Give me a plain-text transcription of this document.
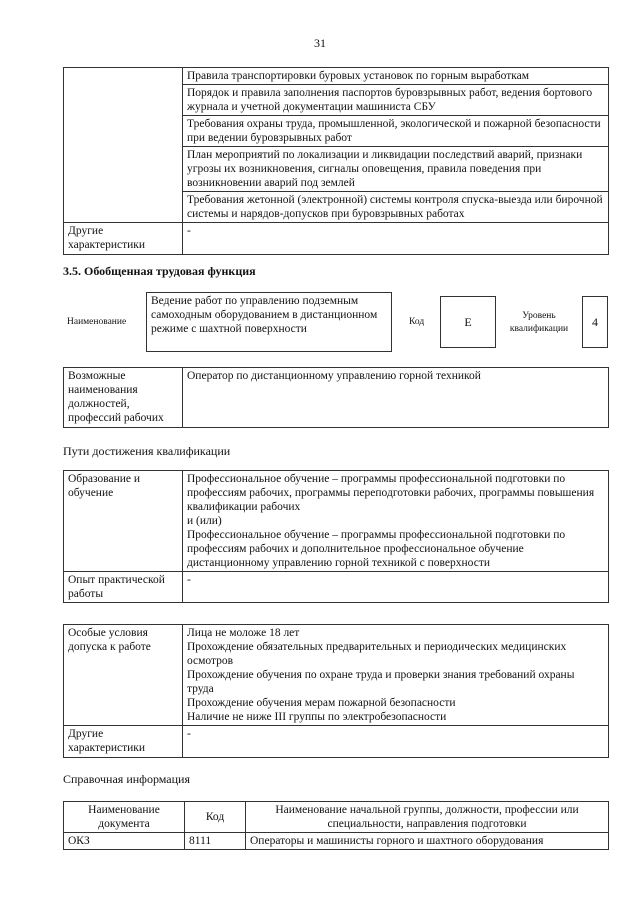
31
	Правила транспортировки буровых установок по горным выработкам
	Порядок и правила заполнения паспортов буровзрывных работ, ведения бортового журнала и учетной документации машиниста СБУ
	Требования охраны труда, промышленной, экологической и пожарной безопасности при ведении буровзрывных работ
	План мероприятий по локализации и ликвидации последствий аварий, признаки угрозы их возникновения, сигналы оповещения, правила поведения при возникновении аварий под землей
	Требования жетонной (электронной) системы контроля спуска-выезда или бирочной системы и нарядов-допусков при буровзрывных работах
Другие характеристики	-
3.5. Обобщенная трудовая функция
Наименование
Ведение работ по управлению подземным самоходным оборудованием в дистанционном режиме с шахтной поверхности
Код	E	Уровень квалификации
4
Возможные наименования должностей, профессий рабочих	Оператор по дистанционному управлению горной техникой
Пути достижения квалификации
Образование и обучение	Профессиональное обучение – программы профессиональной подготовки по профессиям рабочих, программы переподготовки рабочих, программы повышения квалификации рабочих
и (или)
Профессиональное обучение – программы профессиональной подготовки по профессиям рабочих и дополнительное профессиональное обучение дистанционному управлению горной техникой с поверхности

Опыт практической работы	-
Особые условия допуска к работе	Лица не моложе 18 лет
Прохождение обязательных предварительных и периодических медицинских осмотров
Прохождение обучения по охране труда и проверки знания требований охраны труда
Прохождение обучения мерам пожарной безопасности
Наличие не ниже III группы по электробезопасности

Другие характеристики	-
Справочная информация
Наименование документа	Код	Наименование начальной группы, должности, профессии или специальности, направления подготовки
ОКЗ	8111	Операторы и машинисты горного и шахтного оборудования
